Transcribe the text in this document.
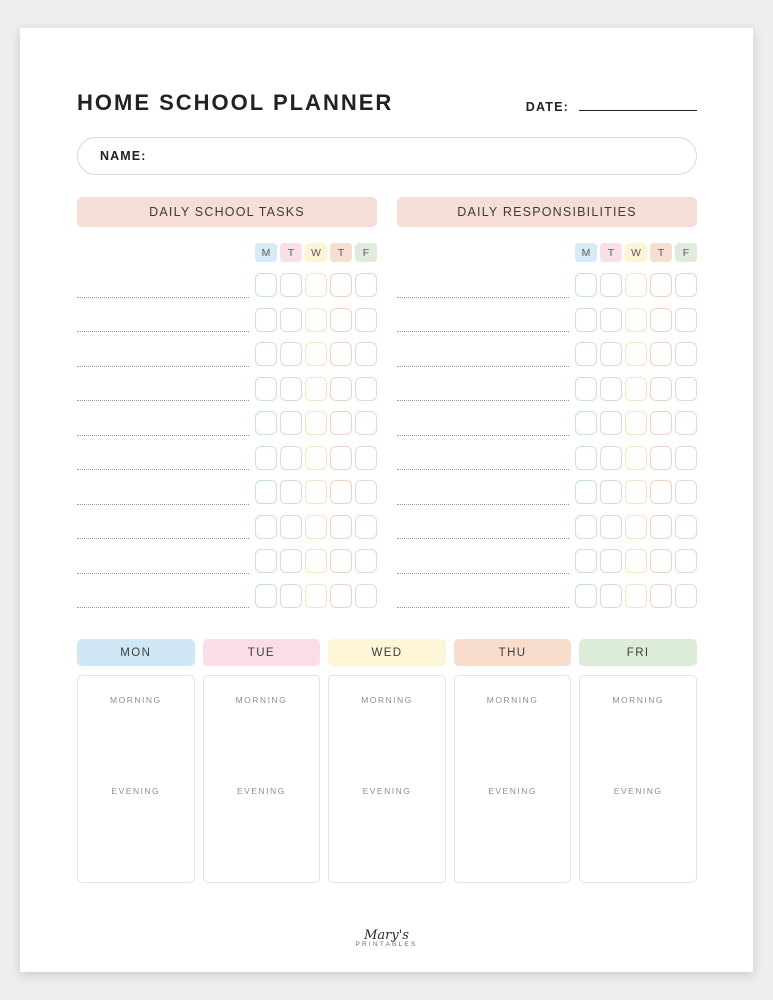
HOME SCHOOL PLANNER	DATE:
NAME:
DAILY SCHOOL TASKS	DAILY RESPONSIBILITIES
M	T	W	T	F	M	T	W	T	F
MON	TUE	WED	THU	FRI
MORNING
EVENING
MORNING
EVENING
MORNING
EVENING
MORNING
EVENING
MORNING
EVENING
Mary's
PRINTABLES
